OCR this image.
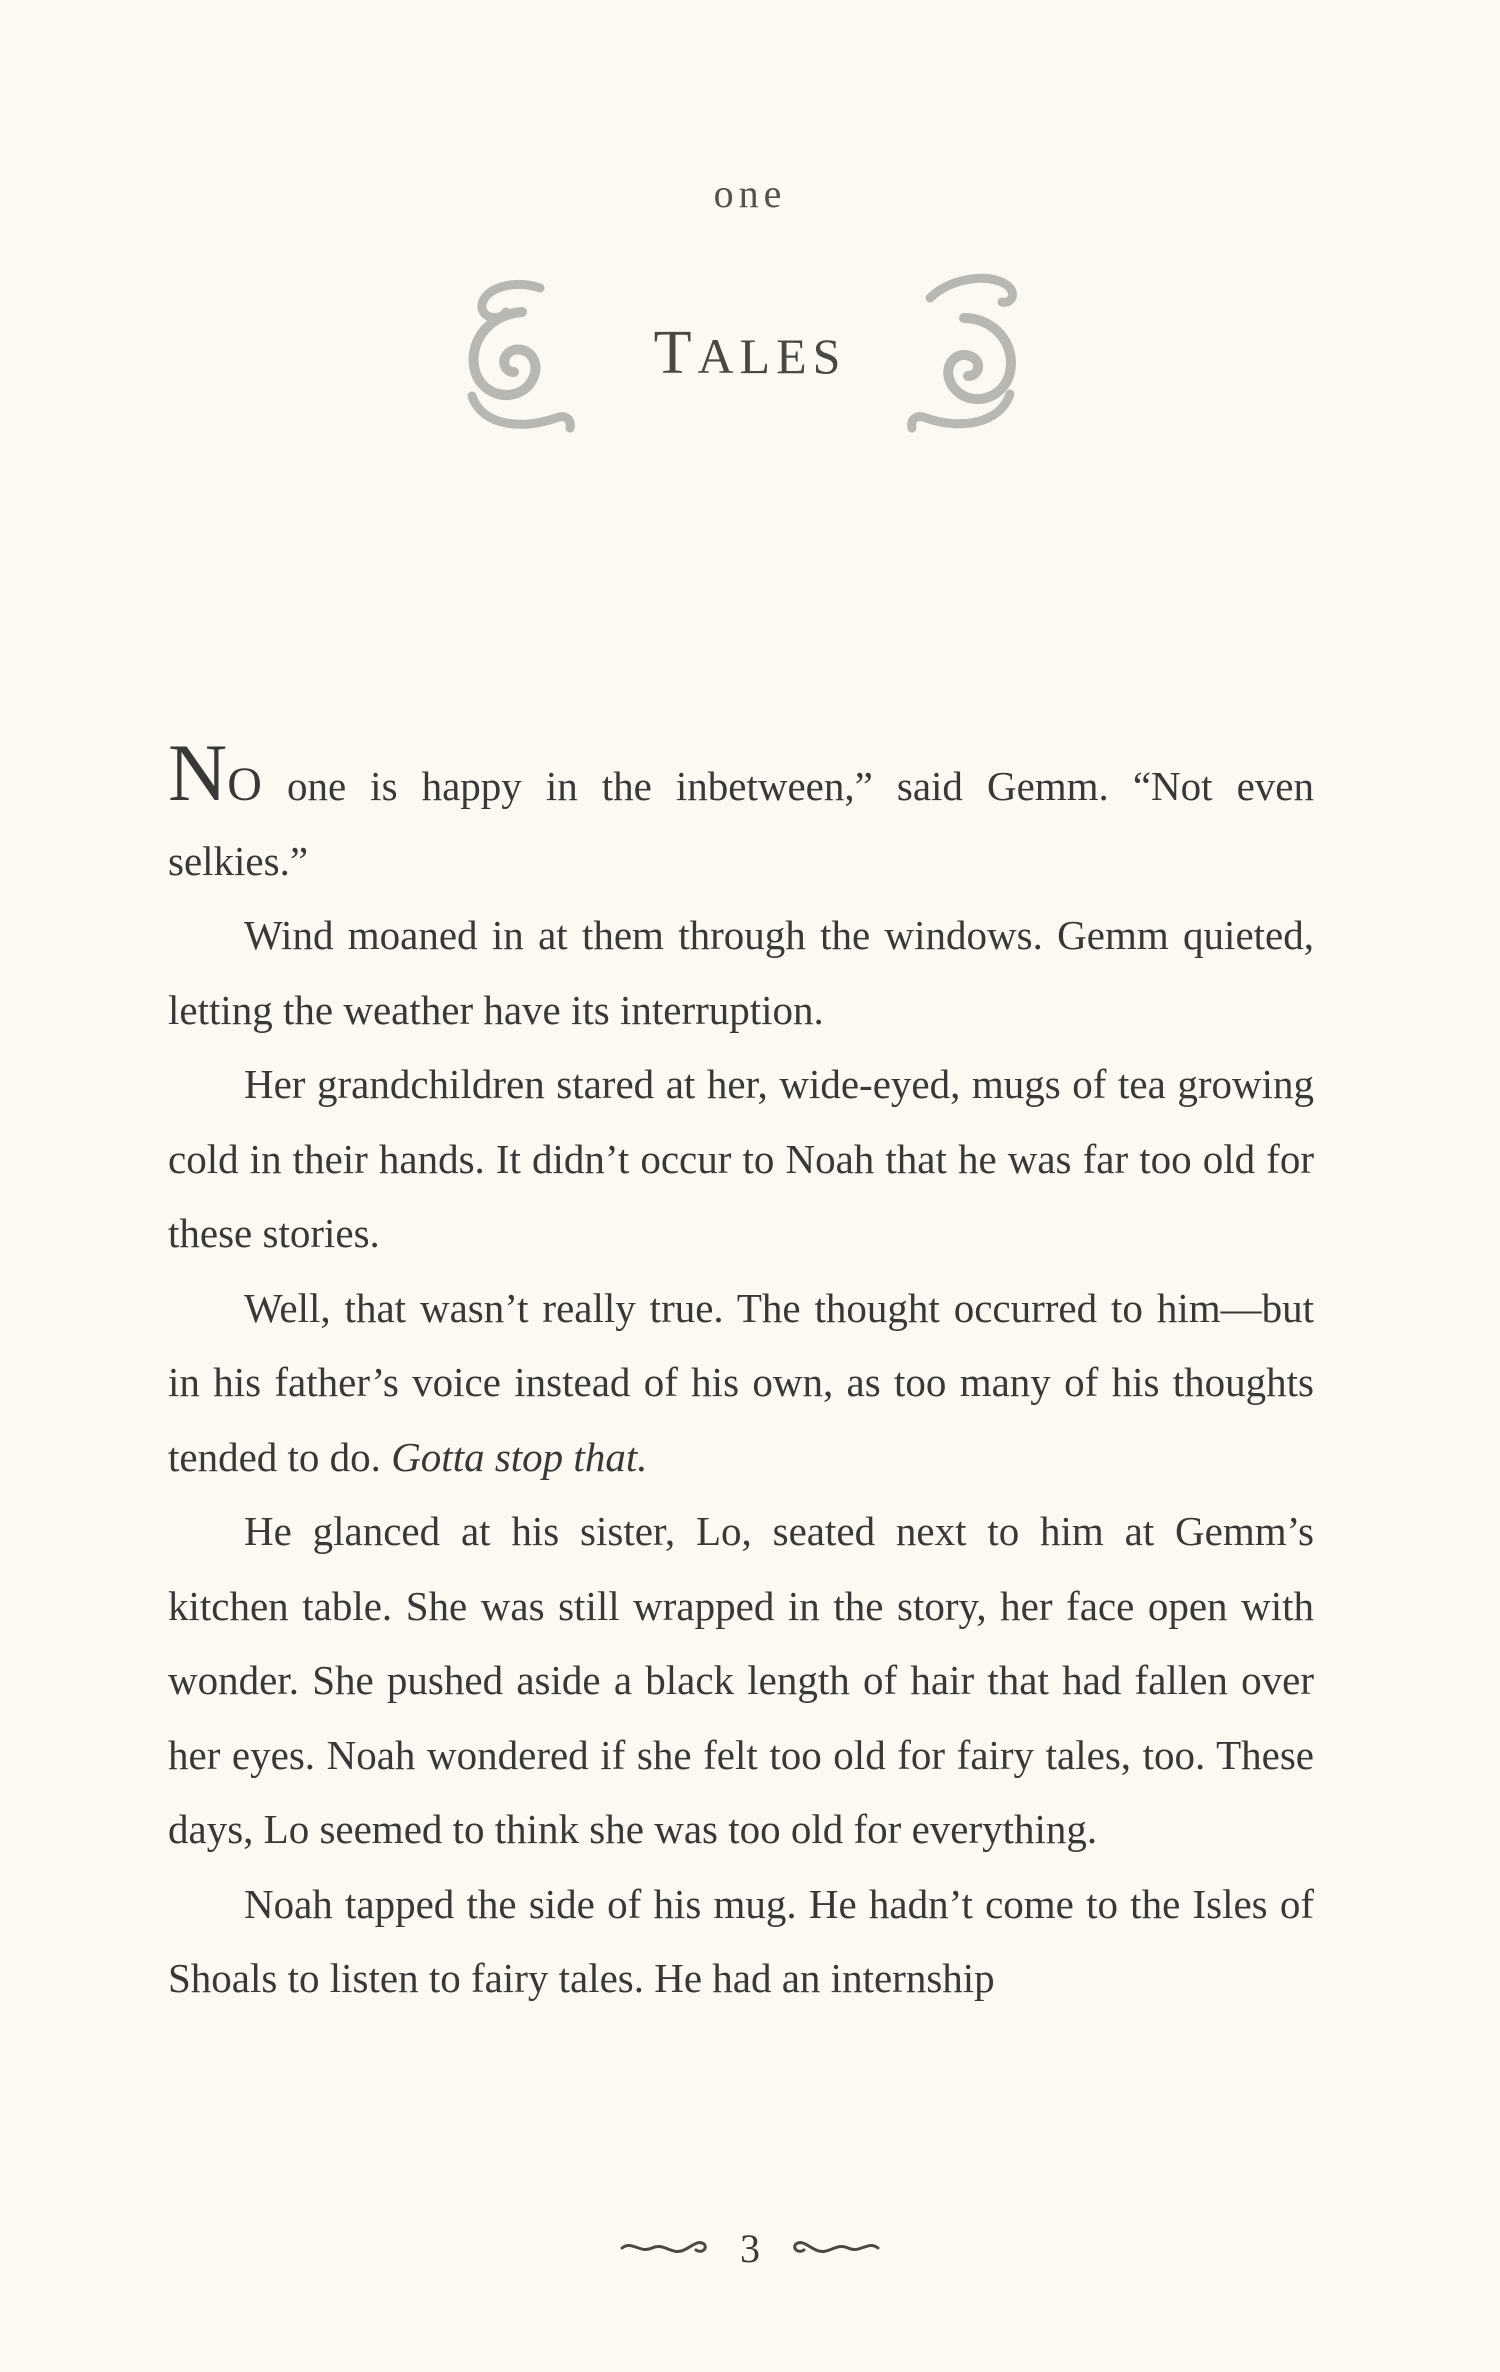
one
TALES

NO one is happy in the inbetween,” said Gemm. “Not even selkies.”

Wind moaned in at them through the windows. Gemm quieted, letting the weather have its interruption.

Her grandchildren stared at her, wide-eyed, mugs of tea growing cold in their hands. It didn’t occur to Noah that he was far too old for these stories.

Well, that wasn’t really true. The thought occurred to him—but in his father’s voice instead of his own, as too many of his thoughts tended to do. Gotta stop that.

He glanced at his sister, Lo, seated next to him at Gemm’s kitchen table. She was still wrapped in the story, her face open with wonder. She pushed aside a black length of hair that had fallen over her eyes. Noah wondered if she felt too old for fairy tales, too. These days, Lo seemed to think she was too old for everything.

Noah tapped the side of his mug. He hadn’t come to the Isles of Shoals to listen to fairy tales. He had an internship

3
